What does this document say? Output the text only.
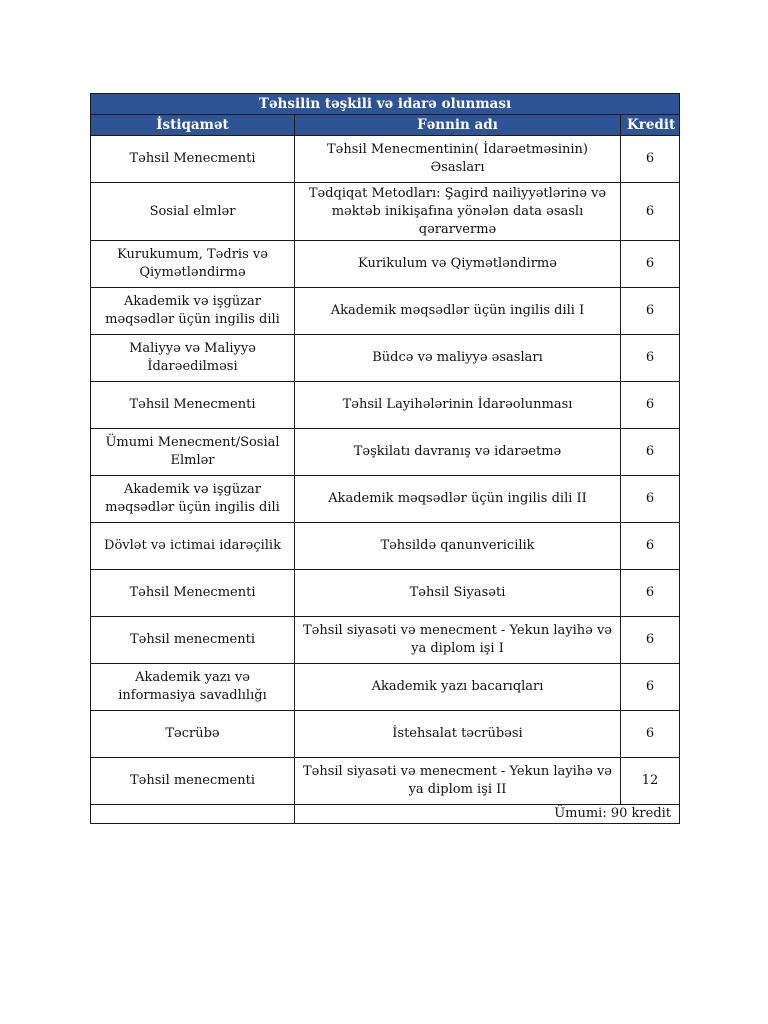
Təhsilin təşkili və idarə olunması		
İstiqamət	Fənnin adı	Kredit
Təhsil Menecmenti	Təhsil Menecmentinin( İdarəetməsinin) Əsasları	6
Sosial elmlər	Tədqiqat Metodları: Şagird nailiyyətlərinə və məktəb inikişafına yönələn data əsaslı qərarvermə	6
Kurukumum, Tədris və Qiymətləndirmə	Kurikulum və Qiymətləndirmə	6
Akademik və işgüzar məqsədlər üçün ingilis dili	Akademik məqsədlər üçün ingilis dili I	6
Maliyyə və Maliyyə İdarəedilməsi	Büdcə və maliyyə əsasları	6
Təhsil Menecmenti	Təhsil Layihələrinin İdarəolunması	6
Ümumi Menecment/Sosial Elmlər	Təşkilatı davranış və idarəetmə	6
Akademik və işgüzar məqsədlər üçün ingilis dili	Akademik məqsədlər üçün ingilis dili II	6
Dövlət və ictimai idarəçilik	Təhsildə qanunvericilik	6
Təhsil Menecmenti	Təhsil Siyasəti	6
Təhsil menecmenti	Təhsil siyasəti və menecment - Yekun layihə və ya diplom işi I	6
Akademik yazı və informasiya savadlılığı	Akademik yazı bacarıqları	6
Təcrübə	İstehsalat təcrübəsi	6
Təhsil menecmenti	Təhsil siyasəti və menecment - Yekun layihə və ya diplom işi II	12
	Ümumi: 90 kredit	
